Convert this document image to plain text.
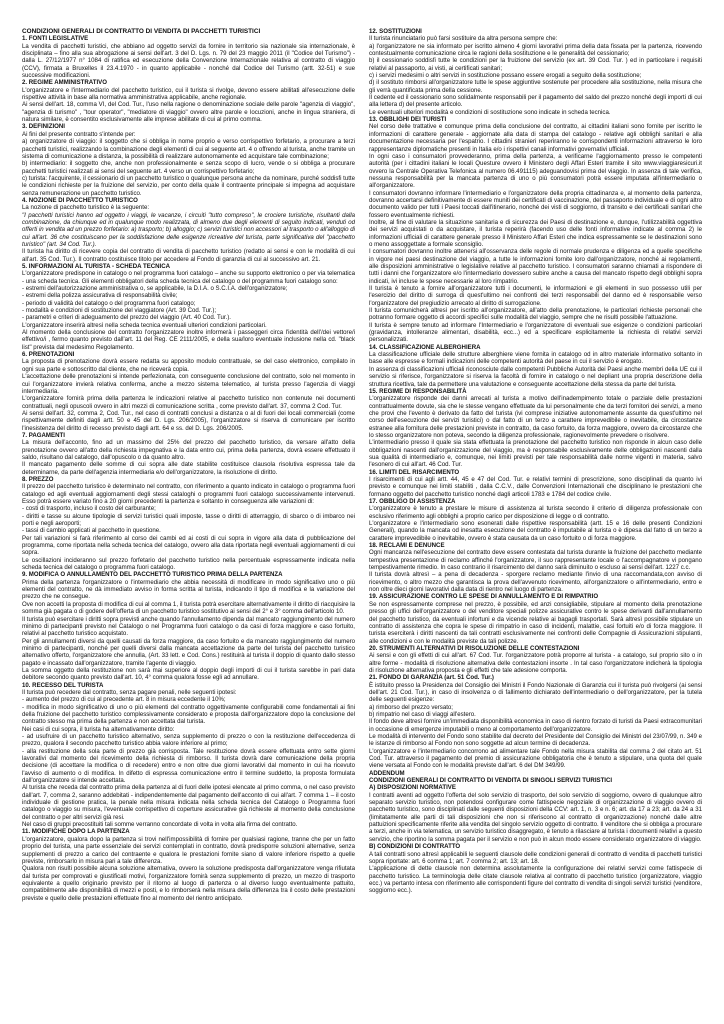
CONDIZIONI GENERALI DI CONTRATTO DI VENDITA DI PACCHETTI TURISTICI

1. FONTI LEGISLATIVE

La vendita di pacchetti turistici, che abbiano ad oggetto servizi da fornire in territorio sia nazionale sia internazionale, è disciplinata – fino alla sua abrogazione ai sensi dell'art. 3 del D. Lgs. n. 79 del 23 maggio 2011 (il "Codice del Turismo") - dalla L. 27/12/1977 n° 1084 di ratifica ed esecuzione della Convenzione Internazionale relativa al contratto di viaggio (CCV), firmata a Bruxelles il 23.4.1970 - in quanto applicabile - nonché dal Codice del Turismo (artt. 32-51) e sue successive modificazioni.

2. REGIME AMMINISTRATIVO

L'organizzatore e l'intermediario del pacchetto turistico, cui il turista si rivolge, devono essere abilitati all'esecuzione delle rispettive attività in base alla normativa amministrativa applicabile, anche regionale.

Ai sensi dell'art. 18, comma VI, del Cod. Tur., l'uso nella ragione o denominazione sociale delle parole "agenzia di viaggio", "agenzia di turismo" , "tour operator", "mediatore di viaggio" ovvero altre parole e locuzioni, anche in lingua straniera, di natura similare, è consentito esclusivamente alle imprese abilitate di cui al primo comma.

3. DEFINIZIONI

Ai fini del presente contratto s'intende per:

a) organizzatore di viaggio: il soggetto che si obbliga in nome proprio e verso corrispettivo forfetario, a procurare a terzi pacchetti turistici, realizzando la combinazione degli elementi di cui al seguente art. 4 o offrendo al turista, anche tramite un sistema di comunicazione a distanza, la possibilità di realizzare autonomamente ed acquistare tale combinazione;

b) intermediario: il soggetto che, anche non professionalmente e senza scopo di lucro, vende o si obbliga a procurare pacchetti turistici realizzati ai sensi del seguente art. 4 verso un corrispettivo forfetario;

c) turista: l'acquirente, il cessionario di un pacchetto turistico o qualunque persona anche da nominare, purché soddisfi tutte le condizioni richieste per la fruizione del servizio, per conto della quale il contraente principale si impegna ad acquistare senza remunerazione un pacchetto turistico.

4. NOZIONE DI PACCHETTO TURISTICO

La nozione di pacchetto turistico è la seguente:

"I pacchetti turistici hanno ad oggetto i viaggi, le vacanze, i circuiti "tutto compreso", le crociere turistiche, risultanti dalla combinazione, da chiunque ed in qualunque modo realizzata, di almeno due degli elementi di seguito indicati, venduti od offerti in vendita ad un prezzo forfetario: a) trasporto; b) alloggio; c) servizi turistici non accessori al trasporto o all'alloggio di cui all'art. 36 che costituiscano per la soddisfazione delle esigenze ricreative del turista, parte significativa del "pacchetto turistico" (art. 34 Cod. Tur.).

Il turista ha diritto di ricevere copia del contratto di vendita di pacchetto turistico (redatto ai sensi e con le modalità di cui all'art. 35 Cod. Tur.). Il contratto costituisce titolo per accedere al Fondo di garanzia di cui al successivo art. 21.

5. INFORMAZIONI AL TURISTA - SCHEDA TECNICA

L'organizzatore predispone in catalogo o nel programma fuori catalogo – anche su supporto elettronico o per via telematica - una scheda tecnica. Gli elementi obbligatori della scheda tecnica del catalogo o del programma fuori catalogo sono:

- estremi dell'autorizzazione amministrativa o, se applicabile, la D.I.A. o S.C.I.A. dell'organizzatore;

- estremi della polizza assicurativa di responsabilità civile;

- periodo di validità del catalogo o del programma fuori catalogo;

- modalità e condizioni di sostituzione del viaggiatore (Art. 39 Cod. Tur.);

- parametri e criteri di adeguamento del prezzo del viaggio (Art. 40 Cod. Tur.).

L'organizzatore inserirà altresì nella scheda tecnica eventuali ulteriori condizioni particolari.

Al momento della conclusione del contratto l'organizzatore inoltre informerà i passeggeri circa l'identità dell'/dei vettore/i effettivo/i , fermo quanto previsto dall'art. 11 del Reg. CE 2111/2005, e della sua/loro eventuale inclusione nella cd. "black list" prevista dal medesimo Regolamento.

6. PRENOTAZIONI

La proposta di prenotazione dovrà essere redatta su apposito modulo contrattuale, se del caso elettronico, compilato in ogni sua parte e sottoscritto dal cliente, che ne riceverà copia.

L'accettazione delle prenotazioni si intende perfezionata, con conseguente conclusione del contratto, solo nel momento in cui l'organizzatore invierà relativa conferma, anche a mezzo sistema telematico, al turista presso l'agenzia di viaggi intermediaria.

L'organizzatore fornirà prima della partenza le indicazioni relative al pacchetto turistico non contenute nei documenti contrattuali, negli opuscoli ovvero in altri mezzi di comunicazione scritta , come previsto dall'art. 37, comma 2 Cod. Tur.

Ai sensi dell'art. 32, comma 2, Cod. Tur., nel caso di contratti conclusi a distanza o al di fuori dei locali commerciali (come rispettivamente definiti dagli artt. 50 e 45 del D. Lgs. 206/2005), l'organizzatore si riserva di comunicare per iscritto l'inesistenza del diritto di recesso previsto dagli artt. 64 e ss. del D. Lgs. 206/2005.

7. PAGAMENTI

La misura dell'acconto, fino ad un massimo del 25% del prezzo del pacchetto turistico, da versare all'atto della prenotazione ovvero all'atto della richiesta impegnativa e la data entro cui, prima della partenza, dovrà essere effettuato il saldo, risultano dal catalogo, dall'opuscolo o da quanto altro.

Il mancato pagamento delle somme di cui sopra alle date stabilite costituisce clausola risolutiva espressa tale da determinarne, da parte dell'agenzia intermediaria e/o dell'organizzatore, la risoluzione di diritto.

8. PREZZO

Il prezzo del pacchetto turistico è determinato nel contratto, con riferimento a quanto indicato in catalogo o programma fuori catalogo ed agli eventuali aggiornamenti degli stessi cataloghi o programmi fuori catalogo successivamente intervenuti. Esso potrà essere variato fino a 20 giorni precedenti la partenza e soltanto in conseguenza alle variazioni di:

- costi di trasporto, incluso il costo del carburante;

- diritti e tasse su alcune tipologie di servizi turistici quali imposte, tasse o diritti di atterraggio, di sbarco o di imbarco nei porti e negli aeroporti;

- tassi di cambio applicati al pacchetto in questione.

Per tali variazioni si farà riferimento al corso dei cambi ed ai costi di cui sopra in vigore alla data di pubblicazione del programma, come riportata nella scheda tecnica del catalogo, ovvero alla data riportata negli eventuali aggiornamenti di cui sopra.

Le oscillazioni incideranno sul prezzo forfetario del pacchetto turistico nella percentuale espressamente indicata nella scheda tecnica del catalogo o programma fuori catalogo.

9. MODIFICA O ANNULLAMENTO DEL PACCHETTO TURISTICO PRIMA DELLA PARTENZA

Prima della partenza l'organizzatore o l'intermediario che abbia necessità di modificare in modo significativo uno o più elementi del contratto, ne dà immediato avviso in forma scritta al turista, indicando il tipo di modifica e la variazione del prezzo che ne consegue.

Ove non accetti la proposta di modifica di cui al comma 1, il turista potrà esercitare alternativamente il diritto di riacquisire la somma già pagata o di godere dell'offerta di un pacchetto turistico sostitutivo ai sensi del 2° e 3° comma dell'articolo 10.

Il turista può esercitare i diritti sopra previsti anche quando l'annullamento dipenda dal mancato raggiungimento del numero minimo di partecipanti previsto nel Catalogo o nel Programma fuori catalogo o da casi di forza maggiore e caso fortuito, relativi al pacchetto turistico acquistato.

Per gli annullamenti diversi da quelli causati da forza maggiore, da caso fortuito e da mancato raggiungimento del numero minimo di partecipanti, nonché per quelli diversi dalla mancata accettazione da parte del turista del pacchetto turistico alternativo offerto, l'organizzatore che annulla, (Art. 33 lett. e Cod. Cons.) restituirà al turista il doppio di quanto dallo stesso pagato e incassato dall'organizzatore, tramite l'agente di viaggio.

La somma oggetto della restituzione non sarà mai superiore al doppio degli importi di cui il turista sarebbe in pari data debitore secondo quanto previsto dall'art. 10, 4° comma qualora fosse egli ad annullare.

10. RECESSO DEL TURISTA

Il turista può recedere dal contratto, senza pagare penali, nelle seguenti ipotesi:

- aumento del prezzo di cui al precedente art. 8 in misura eccedente il 10%;

- modifica in modo significativo di uno o più elementi del contratto oggettivamente configurabili come fondamentali ai fini della fruizione del pacchetto turistico complessivamente considerato e proposta dall'organizzatore dopo la conclusione del contratto stesso ma prima della partenza e non accettata dal turista.

Nei casi di cui sopra, il turista ha alternativamente diritto:

- ad usufruire di un pacchetto turistico alternativo, senza supplemento di prezzo o con la restituzione dell'eccedenza di prezzo, qualora il secondo pacchetto turistico abbia valore inferiore al primo;

- alla restituzione della sola parte di prezzo già corrisposta. Tale restituzione dovrà essere effettuata entro sette giorni lavorativi dal momento del ricevimento della richiesta di rimborso. Il turista dovrà dare comunicazione della propria decisione (di accettare la modifica o di recedere) entro e non oltre due giorni lavorativi dal momento in cui ha ricevuto l'avviso di aumento o di modifica. In difetto di espressa comunicazione entro il termine suddetto, la proposta formulata dall'organizzatore si intende accettata.

Al turista che receda dal contratto prima della partenza al di fuori delle ipotesi elencate al primo comma, o nel caso previsto dall'art. 7, comma 2, saranno addebitati - indipendentemente dal pagamento dell'acconto di cui all'art. 7 comma 1 – il costo individuale di gestione pratica, la penale nella misura indicata nella scheda tecnica del Catalogo o Programma fuori catalogo o viaggio su misura, l'eventuale corrispettivo di coperture assicurative già richieste al momento della conclusione del contratto o per altri servizi già resi.

Nel caso di gruppi precostituiti tali somme verranno concordate di volta in volta alla firma del contratto.

11. MODIFICHE DOPO LA PARTENZA

L'organizzatore, qualora dopo la partenza si trovi nell'impossibilità di fornire per qualsiasi ragione, tranne che per un fatto proprio del turista, una parte essenziale dei servizi contemplati in contratto, dovrà predisporre soluzioni alternative, senza supplementi di prezzo a carico del contraente e qualora le prestazioni fornite siano di valore inferiore rispetto a quelle previste, rimborsarlo in misura pari a tale differenza.

Qualora non risulti possibile alcuna soluzione alternativa, ovvero la soluzione predisposta dall'organizzatore venga rifiutata dal turista per comprovati e giustificati motivi, l'organizzatore fornirà senza supplemento di prezzo, un mezzo di trasporto equivalente a quello originario previsto per il ritorno al luogo di partenza o al diverso luogo eventualmente pattuito, compatibilmente alle disponibilità di mezzi e posti, e lo rimborserà nella misura della differenza tra il costo delle prestazioni previste e quello delle prestazioni effettuate fino al momento del rientro anticipato.

12. SOSTITUZIONI

Il turista rinunciatario può farsi sostituire da altra persona sempre che:

a) l'organizzatore ne sia informato per iscritto almeno 4 giorni lavorativi prima della data fissata per la partenza, ricevendo contestualmente comunicazione circa le ragioni della sostituzione e le generalità del cessionario;

b) il cessionario soddisfi tutte le condizioni per la fruizione del servizio (ex art. 39 Cod. Tur. ) ed in particolare i requisiti relativi al passaporto, ai visti, ai certificati sanitari;

c) i servizi medesimi o altri servizi in sostituzione possano essere erogati a seguito della sostituzione;

d) il sostituto rimborsi all'organizzatore tutte le spese aggiuntive sostenute per procedere alla sostituzione, nella misura che gli verrà quantificata prima della cessione.

Il cedente ed il cessionario sono solidalmente responsabili per il pagamento del saldo del prezzo nonché degli importi di cui alla lettera d) del presente articolo.

Le eventuali ulteriori modalità e condizioni di sostituzione sono indicate in scheda tecnica.

13. OBBLIGHI DEI TURISTI

Nel corso delle trattative e comunque prima della conclusione del contratto, ai cittadini italiani sono fornite per iscritto le informazioni di carattere generale - aggiornate alla data di stampa del catalogo - relative agli obblighi sanitari e alla documentazione necessaria per l'espatrio. I cittadini stranieri reperiranno le corrispondenti informazioni attraverso le loro rappresentanze diplomatiche presenti in Italia e/o i rispettivi canali informativi governativi ufficiali.

In ogni caso i consumatori provvederanno, prima della partenza, a verificarne l'aggiornamento presso le competenti autorità (per i cittadini italiani le locali Questure ovvero il Ministero degli Affari Esteri tramite il sito www.viaggiaresicuri.it ovvero la Centrale Operativa Telefonica al numero 06.491115) adeguandovisi prima del viaggio. In assenza di tale verifica, nessuna responsabilità per la mancata partenza di uno o più consumatori potrà essere imputata all'intermediario o all'organizzatore.

I consumatori dovranno informare l'intermediario e l'organizzatore della propria cittadinanza e, al momento della partenza, dovranno accertarsi definitivamente di essere muniti dei certificati di vaccinazione, del passaporto individuale e di ogni altro documento valido per tutti i Paesi toccati dall'itinerario, nonché dei visti di soggiorno, di transito e dei certificati sanitari che fossero eventualmente richiesti.

Inoltre, al fine di valutare la situazione sanitaria e di sicurezza dei Paesi di destinazione e, dunque, l'utilizzabilità oggettiva dei servizi acquistati o da acquistare, il turista reperirà (facendo uso delle fonti informative indicate al comma 2) le informazioni ufficiali di carattere generale presso il Ministero Affari Esteri che indica espressamente se le destinazioni sono o meno assoggettate a formale sconsiglio.

I consumatori dovranno inoltre attenersi all'osservanza delle regole di normale prudenza e diligenza ed a quelle specifiche in vigore nei paesi destinazione del viaggio, a tutte le informazioni fornite loro dall'organizzatore, nonché ai regolamenti, alle disposizioni amministrative o legislative relative al pacchetto turistico. I consumatori saranno chiamati a rispondere di tutti i danni che l'organizzatore e/o l'intermediario dovessero subire anche a causa del mancato rispetto degli obblighi sopra indicati, ivi incluse le spese necessarie al loro rimpatrio.

Il turista è tenuto a fornire all'organizzatore tutti i documenti, le informazioni e gli elementi in suo possesso utili per l'esercizio del diritto di surroga di quest'ultimo nei confronti dei terzi responsabili del danno ed è responsabile verso l'organizzatore del pregiudizio arrecato al diritto di surrogazione.

Il turista comunicherà altresì per iscritto all'organizzatore, all'atto della prenotazione, le particolari richieste personali che potranno formare oggetto di accordi specifici sulle modalità del viaggio, sempre che ne risulti possibile l'attuazione.

Il turista è sempre tenuto ad informare l'Intermediario e l'organizzatore di eventuali sue esigenze o condizioni particolari (gravidanza, intolleranze alimentari, disabilità, ecc...) ed a specificare esplicitamente la richiesta di relativi servizi personalizzati.

14. CLASSIFICAZIONE ALBERGHIERA

La classificazione ufficiale delle strutture alberghiere viene fornita in catalogo od in altro materiale informativo soltanto in base alle espresse e formali indicazioni delle competenti autorità del paese in cui il servizio è erogato.

In assenza di classificazioni ufficiali riconosciute dalle competenti Pubbliche Autorità dei Paesi anche membri della UE cui il servizio si riferisce, l'organizzatore si riserva la facoltà di fornire in catalogo o nel depliant una propria descrizione della struttura ricettiva, tale da permettere una valutazione e conseguente accettazione della stessa da parte del turista.

15. REGIME DI RESPONSABILITÀ

L'organizzatore risponde dei danni arrecati al turista a motivo dell'inadempimento totale o parziale delle prestazioni contrattualmente dovute, sia che le stesse vengano effettuate da lui personalmente che da terzi fornitori dei servizi, a meno che provi che l'evento è derivato da fatto del turista (ivi comprese iniziative autonomamente assunte da quest'ultimo nel corso dell'esecuzione dei servizi turistici) o dal fatto di un terzo a carattere imprevedibile o inevitabile, da circostanze estranee alla fornitura delle prestazioni previste in contratto, da caso fortuito, da forza maggiore, ovvero da circostanze che lo stesso organizzatore non poteva, secondo la diligenza professionale, ragionevolmente prevedere o risolvere.

L'intermediario presso il quale sia stata effettuata la prenotazione del pacchetto turistico non risponde in alcun caso delle obbligazioni nascenti dall'organizzazione del viaggio, ma è responsabile esclusivamente delle obbligazioni nascenti dalla sua qualità di intermediario e, comunque, nei limiti previsti per tale responsabilità dalle norme vigenti in materia, salvo l'esonero di cui all'art. 46 Cod. Tur.

16. LIMITI DEL RISARCIMENTO

I risarcimenti di cui agli artt. 44, 45 e 47 del Cod. Tur. e relativi termini di prescrizione, sono disciplinati da quanto ivi previsto e comunque nei limiti stabiliti , dalla C.C.V., dalle Convenzioni Internazionali che disciplinano le prestazioni che formano oggetto del pacchetto turistico nonché dagli articoli 1783 e 1784 del codice civile.

17. OBBLIGO DI ASSISTENZA

L'organizzatore è tenuto a prestare le misure di assistenza al turista secondo il criterio di diligenza professionale con esclusivo riferimento agli obblighi a proprio carico per disposizione di legge o di contratto.

L'organizzatore e l'intermediario sono esonerati dalle rispettive responsabilità (artt. 15 e 16 delle presenti Condizioni Generali), quando la mancata od inesatta esecuzione del contratto è imputabile al turista o è dipesa dal fatto di un terzo a carattere imprevedibile o inevitabile, ovvero è stata causata da un caso fortuito o di forza maggiore.

18. RECLAMI E DENUNCE

Ogni mancanza nell'esecuzione del contratto deve essere contestata dal turista durante la fruizione del pacchetto mediante tempestiva presentazione di reclamo affinché l'organizzatore, il suo rappresentante locale o l'accompagnatore vi pongano tempestivamente rimedio. In caso contrario il risarcimento del danno sarà diminuito o escluso ai sensi dell'art. 1227 c.c.

Il turista dovrà altresì – a pena di decadenza - sporgere reclamo mediante l'invio di una raccomandata,con avviso di ricevimento, o altro mezzo che garantisca la prova dell'avvenuto ricevimento, all'organizzatore o all'intermediario, entro e non oltre dieci giorni lavorativi dalla data di rientro nel luogo di partenza.

19. ASSICURAZIONE CONTRO LE SPESE DI ANNULLAMENTO E DI RIMPATRIO

Se non espressamente comprese nel prezzo, è possibile, ed anzi consigliabile, stipulare al momento della prenotazione presso gli uffici dell'organizzatore o del venditore speciali polizze assicurative contro le spese derivanti dall'annullamento del pacchetto turistico, da eventuali infortuni e da vicende relative ai bagagli trasportati. Sarà altresì possibile stipulare un contratto di assistenza che copra le spese di rimpatrio in caso di incidenti, malattie, casi fortuiti e/o di forza maggiore. Il turista eserciterà i diritti nascenti da tali contratti esclusivamente nei confronti delle Compagnie di Assicurazioni stipulanti, alle condizioni e con le modalità previste da tali polizze.

20. STRUMENTI ALTERNATIVI DI RISOLUZIONE DELLE CONTESTAZIONI

Ai sensi e con gli effetti di cui all'art. 67 Cod. Tur. l'organizzatore potrà proporre al turista - a catalogo, sul proprio sito o in altre forme - modalità di risoluzione alternativa delle contestazioni insorte . In tal caso l'organizzatore indicherà la tipologia di risoluzione alternativa proposta e gli effetti che tale adesione comporta.

21. FONDO DI GARANZIA (art. 51 Cod. Tur.)

È istituito presso la Presidenza del Consiglio dei Ministri il Fondo Nazionale di Garanzia cui il turista può rivolgersi (ai sensi dell'art. 21 Cod. Tur.), in caso di insolvenza o di fallimento dichiarato dell'intermediario o dell'organizzatore, per la tutela delle seguenti esigenze:

a) rimborso del prezzo versato;

b) rimpatrio nel caso di viaggi all'estero.

Il fondo deve altresì fornire un'immediata disponibilità economica in caso di rientro forzato di turisti da Paesi extracomunitari in occasione di emergenze imputabili o meno al comportamento dell'organizzatore.

Le modalità di intervento del Fondo sono stabilite dal decreto del Presidente del Consiglio dei Ministri del 23/07/99, n. 349 e le istanze di rimborso al Fondo non sono soggette ad alcun termine di decadenza.

L'organizzatore e l'intermediario concorrono ad alimentare tale Fondo nella misura stabilita dal comma 2 del citato art. 51 Cod. Tur. attraverso il pagamento del premio di assicurazione obbligatoria che è tenuto a stipulare, una quota del quale viene versata al Fondo con le modalità previste dall'art. 6 del DM 349/99.

ADDENDUM

CONDIZIONI GENERALI DI CONTRATTO DI VENDITA DI SINGOLI SERVIZI TURISTICI

A) DISPOSIZIONI NORMATIVE

I contratti aventi ad oggetto l'offerta del solo servizio di trasporto, del solo servizio di soggiorno, ovvero di qualunque altro separato servizio turistico, non potendosi configurare come fattispecie negoziale di organizzazione di viaggio ovvero di pacchetto turistico, sono disciplinati dalle seguenti disposizioni della CCV: art. 1, n. 3 e n. 6; art. da 17 a 23; art. da 24 a 31 (limitatamente alle parti di tali disposizioni che non si riferiscono al contratto di organizzazione) nonché dalle altre pattuizioni specificamente riferite alla vendita del singolo servizio oggetto di contratto. Il venditore che si obbliga a procurare a terzi, anche in via telematica, un servizio turistico disaggregato, è tenuto a rilasciare al turista i documenti relativi a questo servizio, che riportino la somma pagata per il servizio e non può in alcun modo essere considerato organizzatore di viaggio.

B) CONDIZIONI DI CONTRATTO

A tali contratti sono altresì applicabili le seguenti clausole delle condizioni generali di contratto di vendita di pacchetti turistici sopra riportate: art. 6 comma 1; art. 7 comma 2; art. 13; art. 18.

L'applicazione di dette clausole non determina assolutamente la configurazione dei relativi servizi come fattispecie di pacchetto turistico. La terminologia delle citate clausole relativa al contratto di pacchetto turistico (organizzatore, viaggio ecc.) va pertanto intesa con riferimento alle corrispondenti figure del contratto di vendita di singoli servizi turistici (venditore, soggiorno ecc.).
